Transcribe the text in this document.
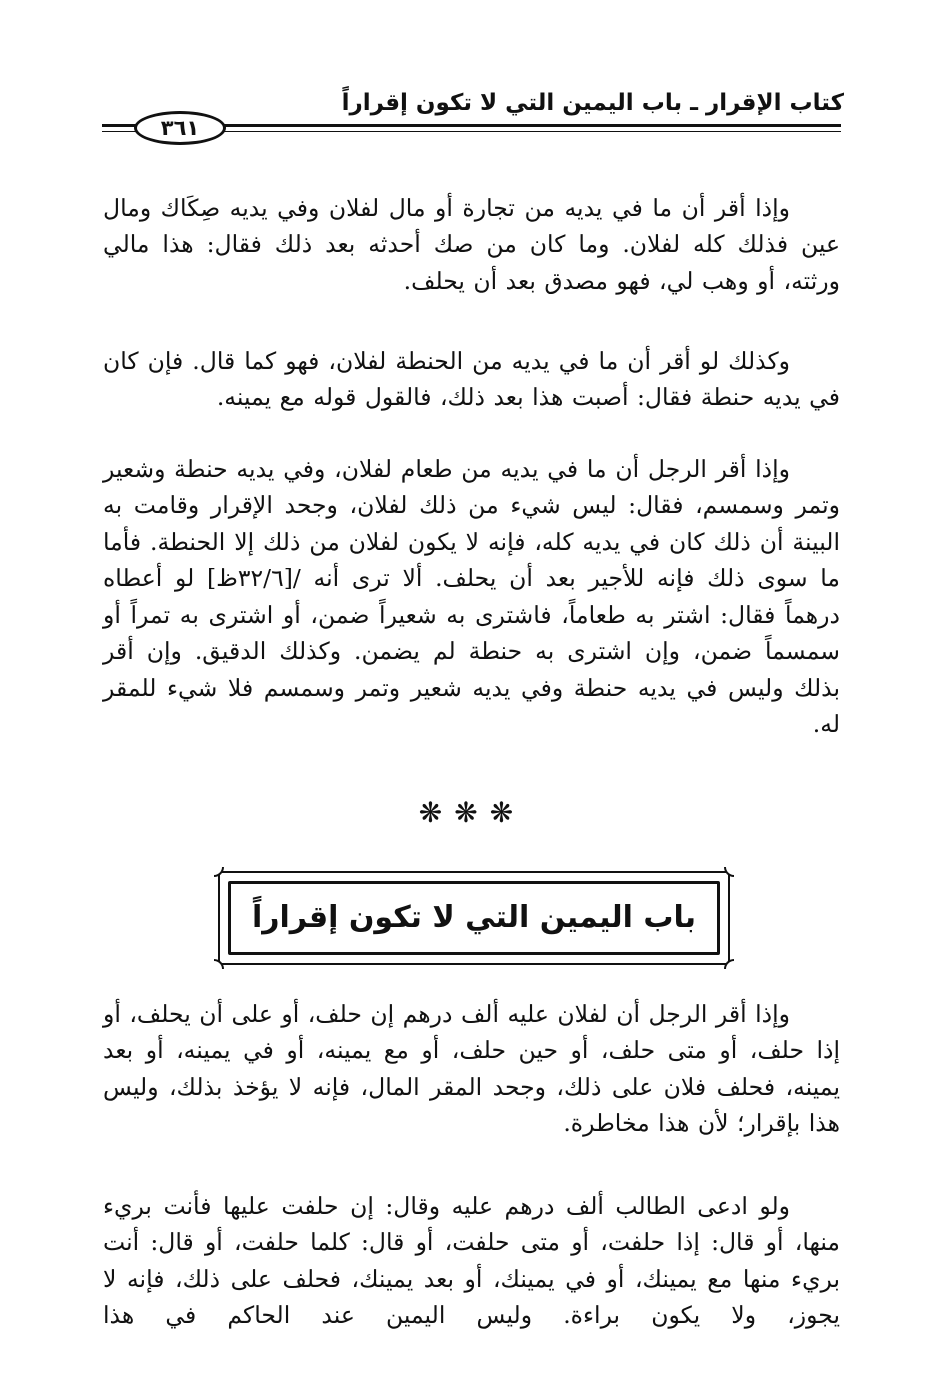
كتاب الإقرار ـ باب اليمين التي لا تكون إقراراً
٣٦١

وإذا أقر أن ما في يديه من تجارة أو مال لفلان وفي يديه صِكَاك ومال عين فذلك كله لفلان. وما كان من صك أحدثه بعد ذلك فقال: هذا مالي ورثته، أو وهب لي، فهو مصدق بعد أن يحلف.

وكذلك لو أقر أن ما في يديه من الحنطة لفلان، فهو كما قال. فإن كان في يديه حنطة فقال: أصبت هذا بعد ذلك، فالقول قوله مع يمينه.

وإذا أقر الرجل أن ما في يديه من طعام لفلان، وفي يديه حنطة وشعير وتمر وسمسم، فقال: ليس شيء من ذلك لفلان، وجحد الإقرار وقامت به البينة أن ذلك كان في يديه كله، فإنه لا يكون لفلان من ذلك إلا الحنطة. فأما ما سوى ذلك فإنه للأجير بعد أن يحلف. ألا ترى أنه /[٣٢/٦ظ] لو أعطاه درهماً فقال: اشتر به طعاماً، فاشترى به شعيراً ضمن، أو اشترى به تمراً أو سمسماً ضمن، وإن اشترى به حنطة لم يضمن. وكذلك الدقيق. وإن أقر بذلك وليس في يديه حنطة وفي يديه شعير وتمر وسمسم فلا شيء للمقر له.

❋❋❋
باب اليمين التي لا تكون إقراراً

وإذا أقر الرجل أن لفلان عليه ألف درهم إن حلف، أو على أن يحلف، أو إذا حلف، أو متى حلف، أو حين حلف، أو مع يمينه، أو في يمينه، أو بعد يمينه، فحلف فلان على ذلك، وجحد المقر المال، فإنه لا يؤخذ بذلك، وليس هذا بإقرار؛ لأن هذا مخاطرة.

ولو ادعى الطالب ألف درهم عليه وقال: إن حلفت عليها فأنت بريء منها، أو قال: إذا حلفت، أو متى حلفت، أو قال: كلما حلفت، أو قال: أنت بريء منها مع يمينك، أو في يمينك، أو بعد يمينك، فحلف على ذلك، فإنه لا يجوز، ولا يكون براءة. وليس اليمين عند الحاكم في هذا
